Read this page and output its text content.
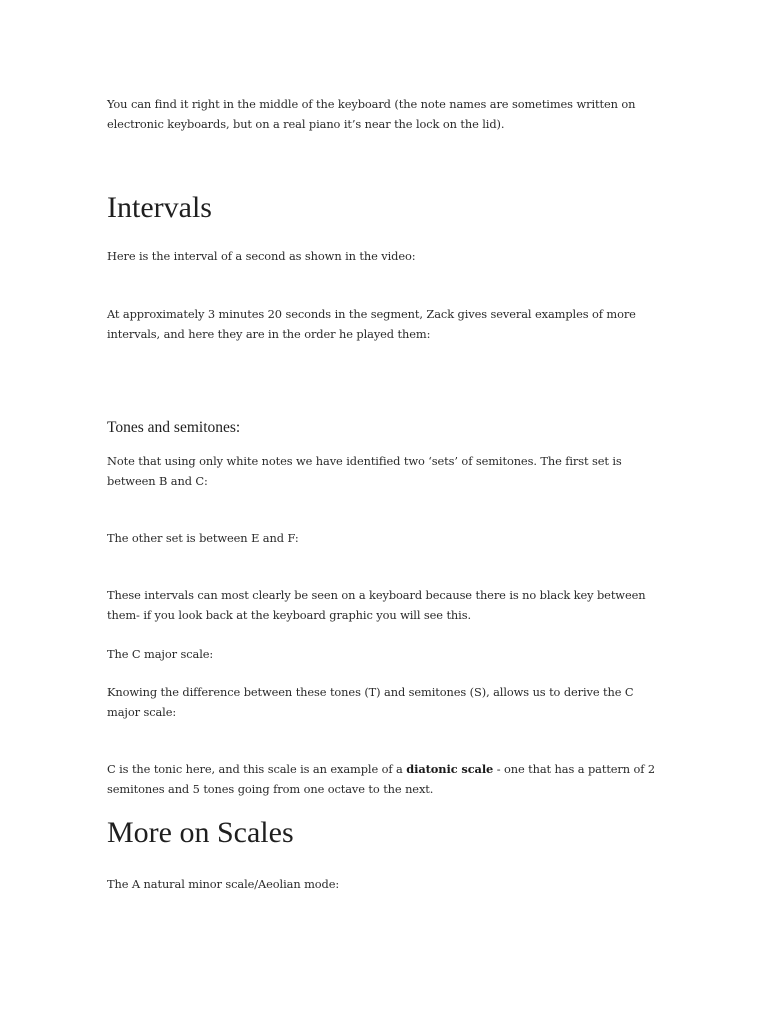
You can find it right in the middle of the keyboard (the note names are sometimes written on electronic keyboards, but on a real piano it’s near the lock on the lid).

Intervals

Here is the interval of a second as shown in the video:

At approximately 3 minutes 20 seconds in the segment, Zack gives several examples of more intervals, and here they are in the order he played them:

Tones and semitones:

Note that using only white notes we have identified two ‘sets’ of semitones. The first set is between B and C:

The other set is between E and F:

These intervals can most clearly be seen on a keyboard because there is no black key between them- if you look back at the keyboard graphic you will see this.

The C major scale:

Knowing the difference between these tones (T) and semitones (S), allows us to derive the C major scale:

C is the tonic here, and this scale is an example of a diatonic scale - one that has a pattern of 2 semitones and 5 tones going from one octave to the next.

More on Scales

The A natural minor scale/Aeolian mode:
